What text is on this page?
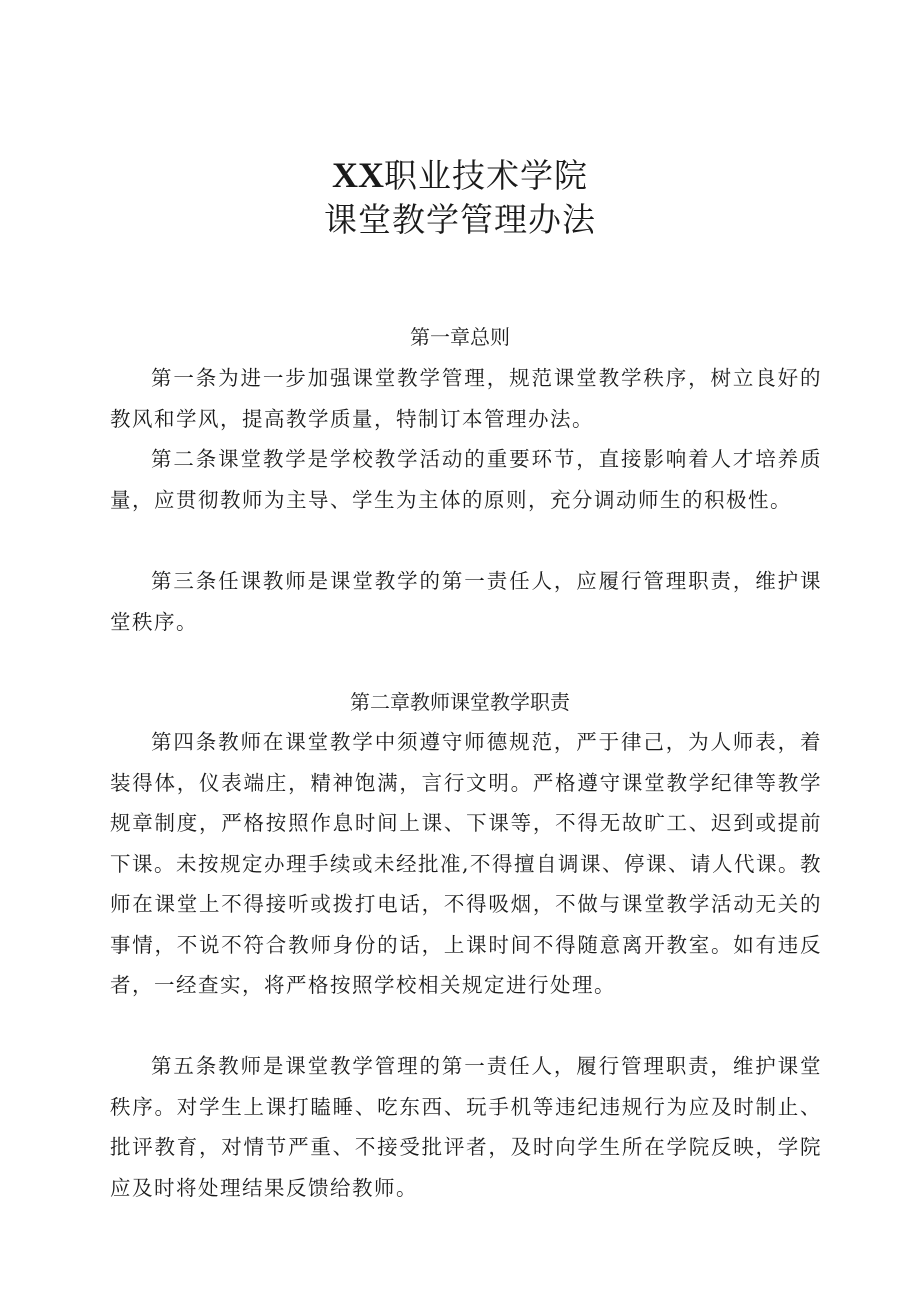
XX职业技术学院
课堂教学管理办法
第一章总则

第一条为进一步加强课堂教学管理，规范课堂教学秩序，树立良好的教风和学风，提高教学质量，特制订本管理办法。

第二条课堂教学是学校教学活动的重要环节，直接影响着人才培养质量，应贯彻教师为主导、学生为主体的原则，充分调动师生的积极性。

第三条任课教师是课堂教学的第一责任人，应履行管理职责，维护课堂秩序。

第二章教师课堂教学职责

第四条教师在课堂教学中须遵守师德规范，严于律己，为人师表，着装得体，仪表端庄，精神饱满，言行文明。严格遵守课堂教学纪律等教学规章制度，严格按照作息时间上课、下课等，不得无故旷工、迟到或提前下课。未按规定办理手续或未经批准,不得擅自调课、停课、请人代课。教师在课堂上不得接听或拨打电话，不得吸烟，不做与课堂教学活动无关的事情，不说不符合教师身份的话，上课时间不得随意离开教室。如有违反者，一经查实，将严格按照学校相关规定进行处理。

第五条教师是课堂教学管理的第一责任人，履行管理职责，维护课堂秩序。对学生上课打瞌睡、吃东西、玩手机等违纪违规行为应及时制止、批评教育，对情节严重、不接受批评者，及时向学生所在学院反映，学院应及时将处理结果反馈给教师。
